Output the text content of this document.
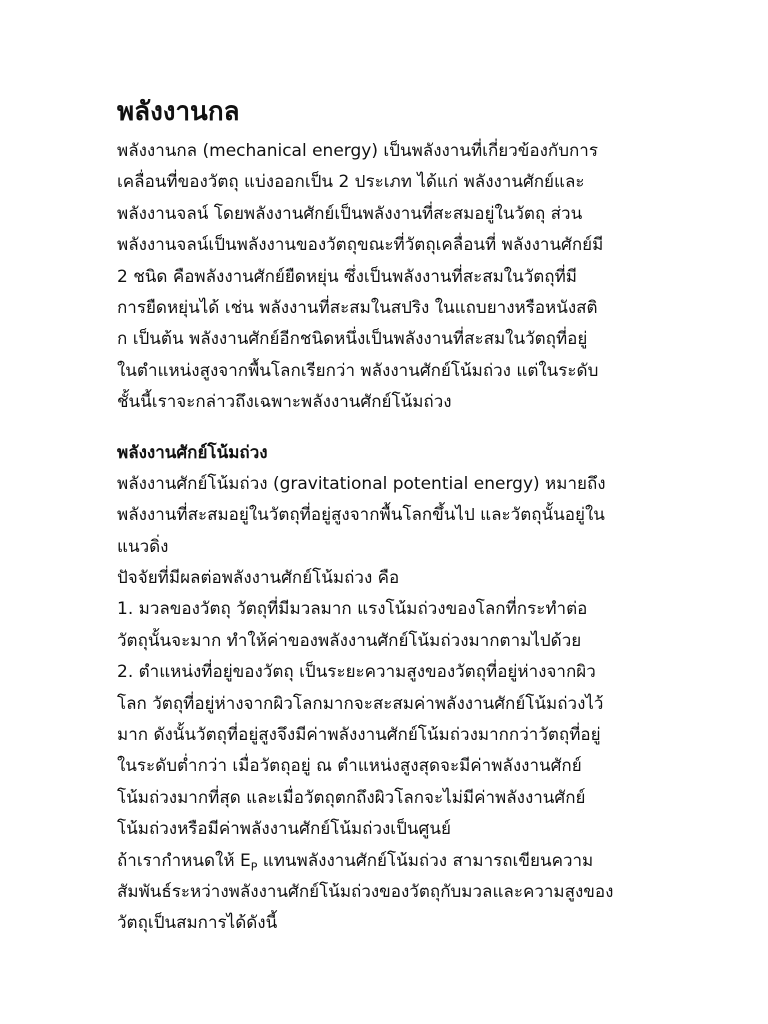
พลังงานกล
พลังงานกล (mechanical energy) เป็นพลังงานที่เกี่ยวข้องกับการ
เคลื่อนที่ของวัตถุ แบ่งออกเป็น 2 ประเภท ได้แก่ พลังงานศักย์และ
พลังงานจลน์ โดยพลังงานศักย์เป็นพลังงานที่สะสมอยู่ในวัตถุ ส่วน
พลังงานจลน์เป็นพลังงานของวัตถุขณะที่วัตถุเคลื่อนที่ พลังงานศักย์มี
2 ชนิด คือพลังงานศักย์ยืดหยุ่น ซึ่งเป็นพลังงานที่สะสมในวัตถุที่มี
การยืดหยุ่นได้ เช่น พลังงานที่สะสมในสปริง ในแถบยางหรือหนังสติ
ก เป็นต้น พลังงานศักย์อีกชนิดหนึ่งเป็นพลังงานที่สะสมในวัตถุที่อยู่
ในตำแหน่งสูงจากพื้นโลกเรียกว่า พลังงานศักย์โน้มถ่วง แต่ในระดับ
ชั้นนี้เราจะกล่าวถึงเฉพาะพลังงานศักย์โน้มถ่วง
พลังงานศักย์โน้มถ่วง
พลังงานศักย์โน้มถ่วง (gravitational potential energy) หมายถึง
พลังงานที่สะสมอยู่ในวัตถุที่อยู่สูงจากพื้นโลกขึ้นไป และวัตถุนั้นอยู่ใน
แนวดิ่ง
ปัจจัยที่มีผลต่อพลังงานศักย์โน้มถ่วง คือ
1. มวลของวัตถุ วัตถุที่มีมวลมาก แรงโน้มถ่วงของโลกที่กระทำต่อ
วัตถุนั้นจะมาก ทำให้ค่าของพลังงานศักย์โน้มถ่วงมากตามไปด้วย
2. ตำแหน่งที่อยู่ของวัตถุ เป็นระยะความสูงของวัตถุที่อยู่ห่างจากผิว
โลก วัตถุที่อยู่ห่างจากผิวโลกมากจะสะสมค่าพลังงานศักย์โน้มถ่วงไว้
มาก ดังนั้นวัตถุที่อยู่สูงจึงมีค่าพลังงานศักย์โน้มถ่วงมากกว่าวัตถุที่อยู่
ในระดับต่ำกว่า เมื่อวัตถุอยู่ ณ ตำแหน่งสูงสุดจะมีค่าพลังงานศักย์
โน้มถ่วงมากที่สุด และเมื่อวัตถุตกถึงผิวโลกจะไม่มีค่าพลังงานศักย์
โน้มถ่วงหรือมีค่าพลังงานศักย์โน้มถ่วงเป็นศูนย์
ถ้าเรากำหนดให้ $E_P$ แทนพลังงานศักย์โน้มถ่วง สามารถเขียนความ
สัมพันธ์ระหว่างพลังงานศักย์โน้มถ่วงของวัตถุกับมวลและความสูงของ
วัตถุเป็นสมการได้ดังนี้
